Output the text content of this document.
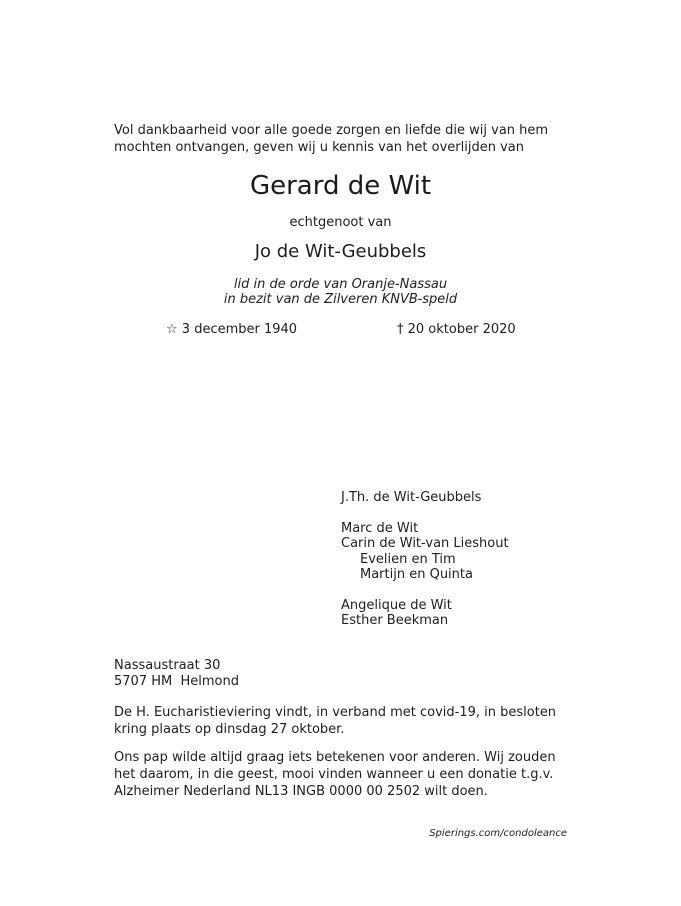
Vol dankbaarheid voor alle goede zorgen en liefde die wij van hem

mochten ontvangen, geven wij u kennis van het overlijden van

Gerard de Wit
echtgenoot van
Jo de Wit-Geubbels
lid in de orde van Oranje-Nassau
in bezit van de Zilveren KNVB-speld
☆ 3 december 1940	† 20 oktober 2020
J.Th. de Wit-Geubbels
Marc de Wit
Carin de Wit-van Lieshout
Evelien en Tim
Martijn en Quinta
Angelique de Wit
Esther Beekman
Nassaustraat 30
5707 HM  Helmond

De H. Eucharistieviering vindt, in verband met covid-19, in besloten

kring plaats op dinsdag 27 oktober.

Ons pap wilde altijd graag iets betekenen voor anderen. Wij zouden

het daarom, in die geest, mooi vinden wanneer u een donatie t.g.v.

Alzheimer Nederland NL13 INGB 0000 00 2502 wilt doen.

Spierings.com/condoleance
